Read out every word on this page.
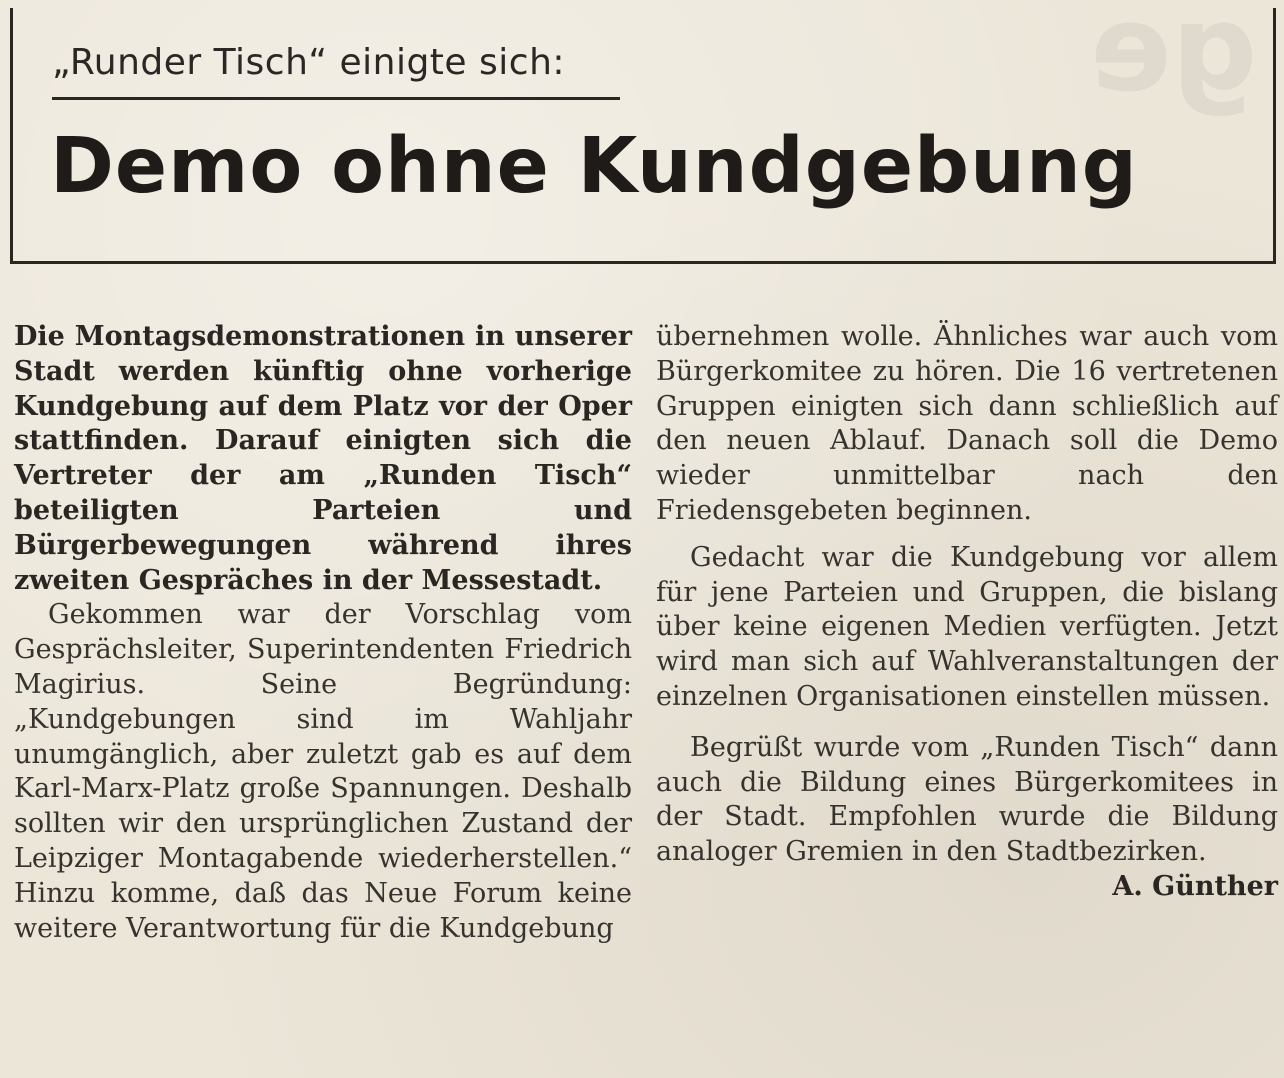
ge
„Runder Tisch“ einigte sich:
Demo ohne Kundgebung

Die Montagsdemonstrationen in unserer Stadt werden künftig ohne vorherige Kundgebung auf dem Platz vor der Oper stattfinden. Darauf einigten sich die Vertreter der am „Runden Tisch“ beteiligten Parteien und Bürgerbewegungen während ihres zweiten Gespräches in der Messestadt.

Gekommen war der Vorschlag vom Gesprächsleiter, Superintendenten Friedrich Magirius. Seine Begründung: „Kundgebungen sind im Wahljahr unumgänglich, aber zuletzt gab es auf dem Karl-Marx-Platz große Spannungen. Deshalb sollten wir den ursprünglichen Zustand der Leipziger Montagabende wiederherstellen.“ Hinzu komme, daß das Neue Forum keine weitere Verantwortung für die Kundgebung

übernehmen wolle. Ähnliches war auch vom Bürgerkomitee zu hören. Die 16 vertretenen Gruppen einigten sich dann schließlich auf den neuen Ablauf. Danach soll die Demo wieder unmittelbar nach den Friedensgebeten beginnen.

Gedacht war die Kundgebung vor allem für jene Parteien und Gruppen, die bislang über keine eigenen Medien verfügten. Jetzt wird man sich auf Wahlveranstaltungen der einzelnen Organisationen einstellen müssen.

Begrüßt wurde vom „Runden Tisch“ dann auch die Bildung eines Bürgerkomitees in der Stadt. Empfohlen wurde die Bildung analoger Gremien in den Stadtbezirken.

A. Günther
